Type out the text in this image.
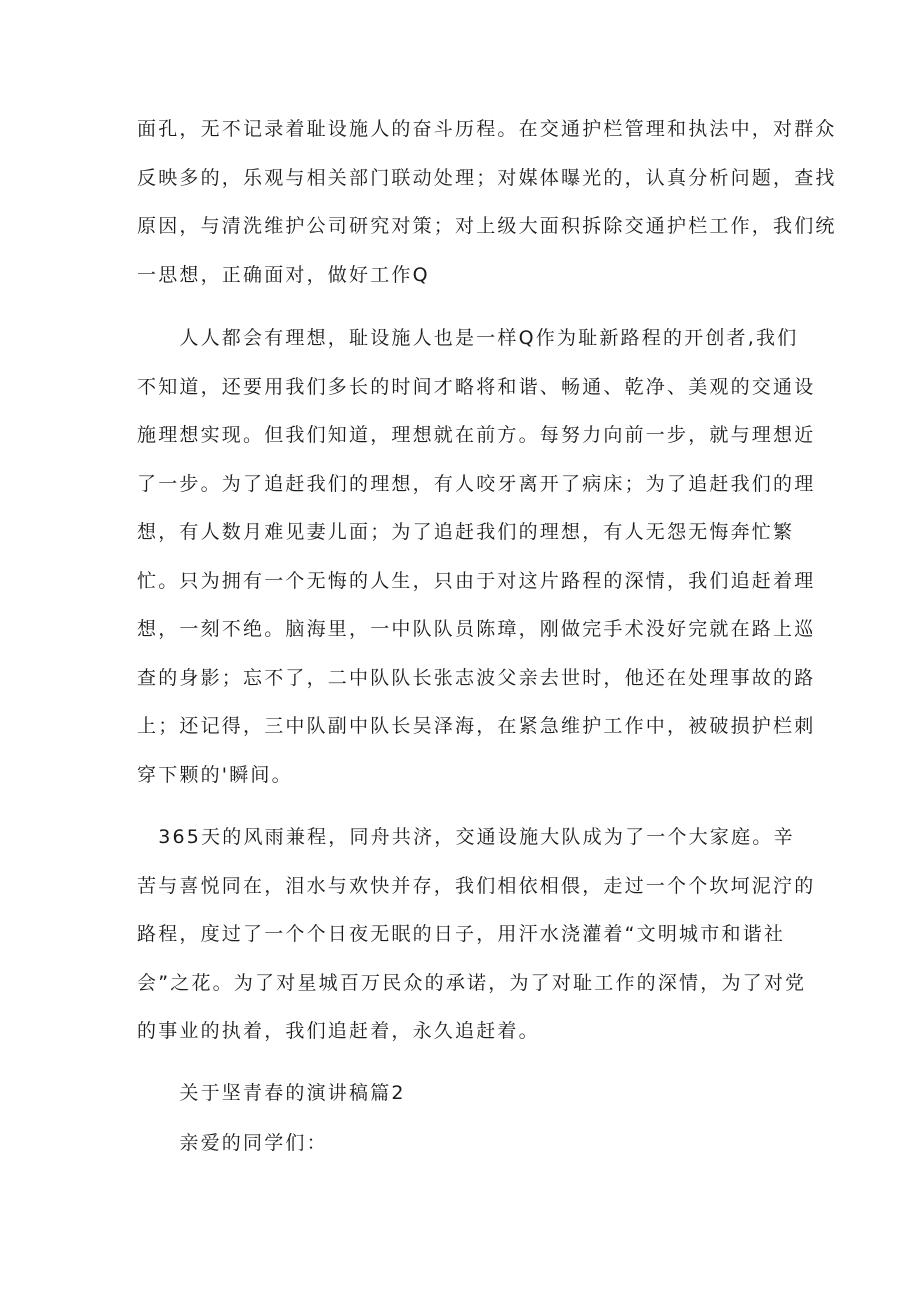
面孔，无不记录着耻设施人的奋斗历程。在交通护栏管理和执法中，对群众
反映多的，乐观与相关部门联动处理；对媒体曝光的，认真分析问题，查找
原因，与清洗维护公司研究对策；对上级大面积拆除交通护栏工作，我们统
一思想，正确面对，做好工作Q
　　人人都会有理想，耻设施人也是一样Q作为耻新路程的开创者,我们
不知道，还要用我们多长的时间才略将和谐、畅通、乾净、美观的交通设
施理想实现。但我们知道，理想就在前方。每努力向前一步，就与理想近
了一步。为了追赶我们的理想，有人咬牙离开了病床；为了追赶我们的理
想，有人数月难见妻儿面；为了追赶我们的理想，有人无怨无悔奔忙繁
忙。只为拥有一个无悔的人生，只由于对这片路程的深情，我们追赶着理
想，一刻不绝。脑海里，一中队队员陈璋，刚做完手术没好完就在路上巡
查的身影；忘不了，二中队队长张志波父亲去世时，他还在处理事故的路
上；还记得，三中队副中队长吴泽海，在紧急维护工作中，被破损护栏刺
穿下颗的'瞬间。
　365天的风雨兼程，同舟共济，交通设施大队成为了一个大家庭。辛
苦与喜悦同在，泪水与欢快并存，我们相依相偎，走过一个个坎坷泥泞的
路程，度过了一个个日夜无眠的日子，用汗水浇灌着“文明城市和谐社
会”之花。为了对星城百万民众的承诺，为了对耻工作的深情，为了对党
的事业的执着，我们追赶着，永久追赶着。
　　关于坚青春的演讲稿篇2
　　亲爱的同学们：
